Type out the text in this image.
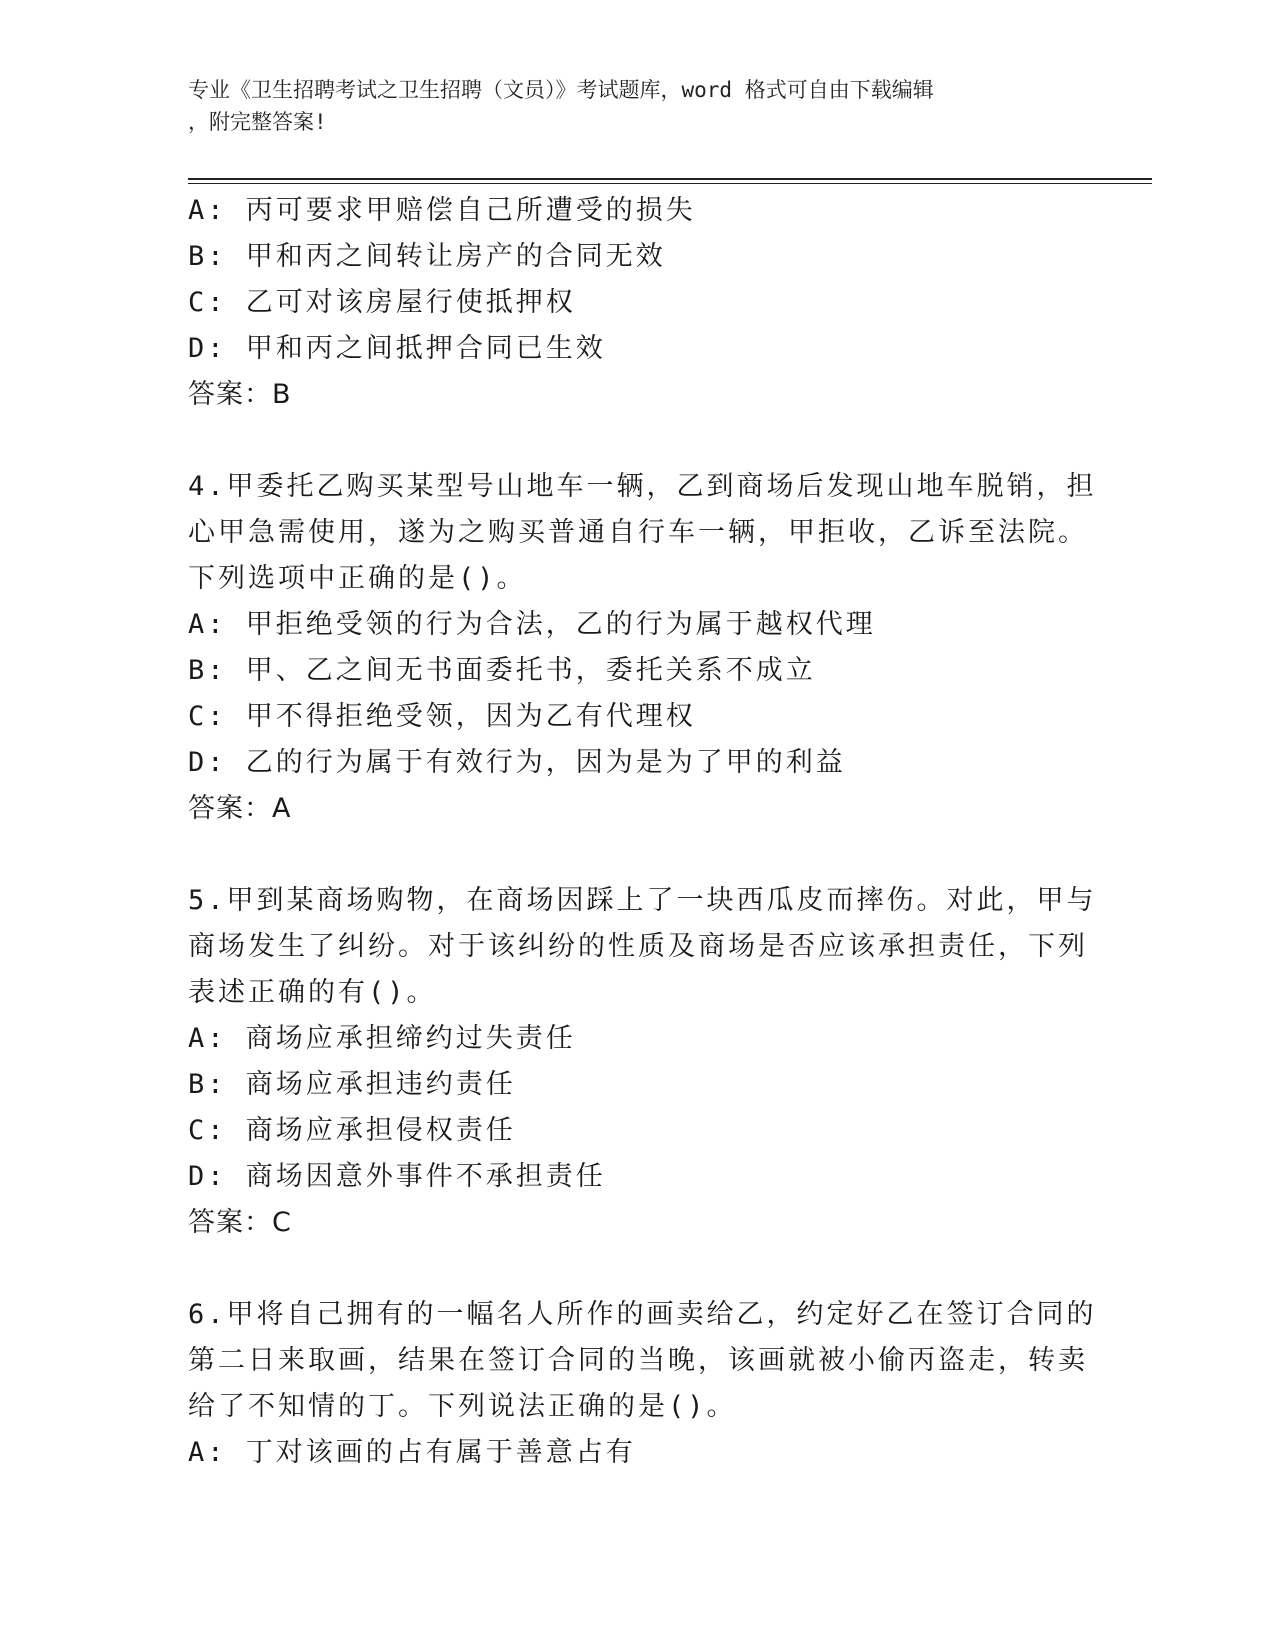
专业《卫生招聘考试之卫生招聘（文员）》考试题库，word 格式可自由下载编辑
，附完整答案!
A: 丙可要求甲赔偿自己所遭受的损失
B: 甲和丙之间转让房产的合同无效
C: 乙可对该房屋行使抵押权
D: 甲和丙之间抵押合同已生效
答案：B
4.甲委托乙购买某型号山地车一辆，乙到商场后发现山地车脱销，担
心甲急需使用，遂为之购买普通自行车一辆，甲拒收，乙诉至法院。
下列选项中正确的是()。
A: 甲拒绝受领的行为合法，乙的行为属于越权代理
B: 甲、乙之间无书面委托书，委托关系不成立
C: 甲不得拒绝受领，因为乙有代理权
D: 乙的行为属于有效行为，因为是为了甲的利益
答案：A
5.甲到某商场购物，在商场因踩上了一块西瓜皮而摔伤。对此，甲与
商场发生了纠纷。对于该纠纷的性质及商场是否应该承担责任，下列
表述正确的有()。
A: 商场应承担缔约过失责任
B: 商场应承担违约责任
C: 商场应承担侵权责任
D: 商场因意外事件不承担责任
答案：C
6.甲将自己拥有的一幅名人所作的画卖给乙，约定好乙在签订合同的
第二日来取画，结果在签订合同的当晚，该画就被小偷丙盗走，转卖
给了不知情的丁。下列说法正确的是()。
A: 丁对该画的占有属于善意占有
